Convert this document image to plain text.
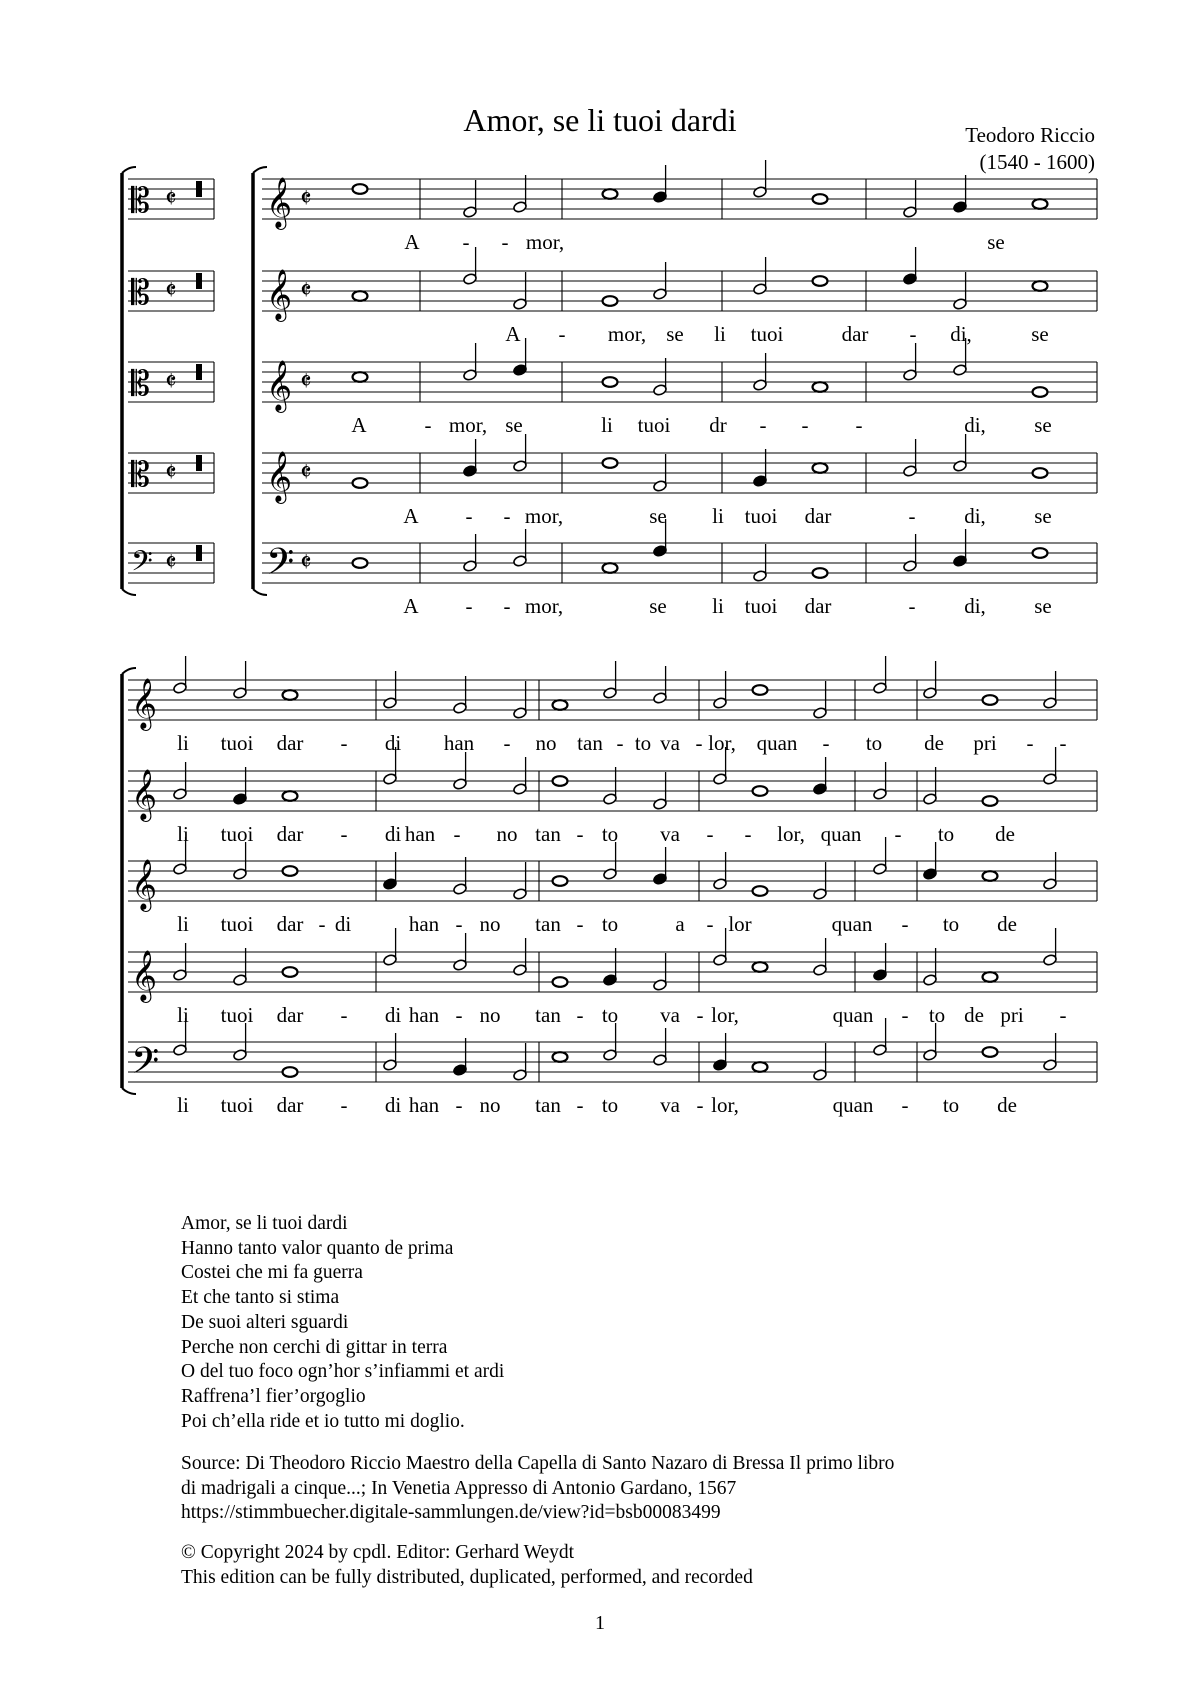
Amor, se li tuoi dardi	Teodoro Riccio
(1540 - 1600)
𝄡 𝄵 𝄞 𝄵
A - - mor,	se
𝄡 𝄵 𝄞 𝄵
A - mor, se li tuoi	dar - di,	se
𝄡 𝄵 𝄞 𝄵
A	- mor, se	li tuoi dr - - -	di, se
𝄡 𝄵 𝄞 𝄵
A - - mor,	se li tuoi dar	- di, se
𝄢 𝄵 𝄢 𝄵
A - - mor,	se li tuoi dar	- di, se
𝄞
li tuoi dar - di han - no tan - to va - lor, quan - to de pri - -
𝄞
li tuoi dar - di han - no tan - to va - - lor, quan - to de
𝄞
li tuoi dar - di	han - no tan - to	a - lor	quan - to de
𝄞
li tuoi dar - di han - no tan - to va - lor,	quan - to de pri -
𝄢
li tuoi dar - di han - no tan - to va - lor,	quan - to de
Amor, se li tuoi dardi
Hanno tanto valor quanto de prima
Costei che mi fa guerra
Et che tanto si stima
De suoi alteri sguardi
Perche non cerchi di gittar in terra
O del tuo foco ogn’hor s’infiammi et ardi
Raffrena’l fier’orgoglio
Poi ch’ella ride et io tutto mi doglio.
Source: Di Theodoro Riccio Maestro della Capella di Santo Nazaro di Bressa Il primo libro
di madrigali a cinque...; In Venetia Appresso di Antonio Gardano, 1567
https://stimmbuecher.digitale-sammlungen.de/view?id=bsb00083499
© Copyright 2024 by cpdl. Editor: Gerhard Weydt
This edition can be fully distributed, duplicated, performed, and recorded
1
